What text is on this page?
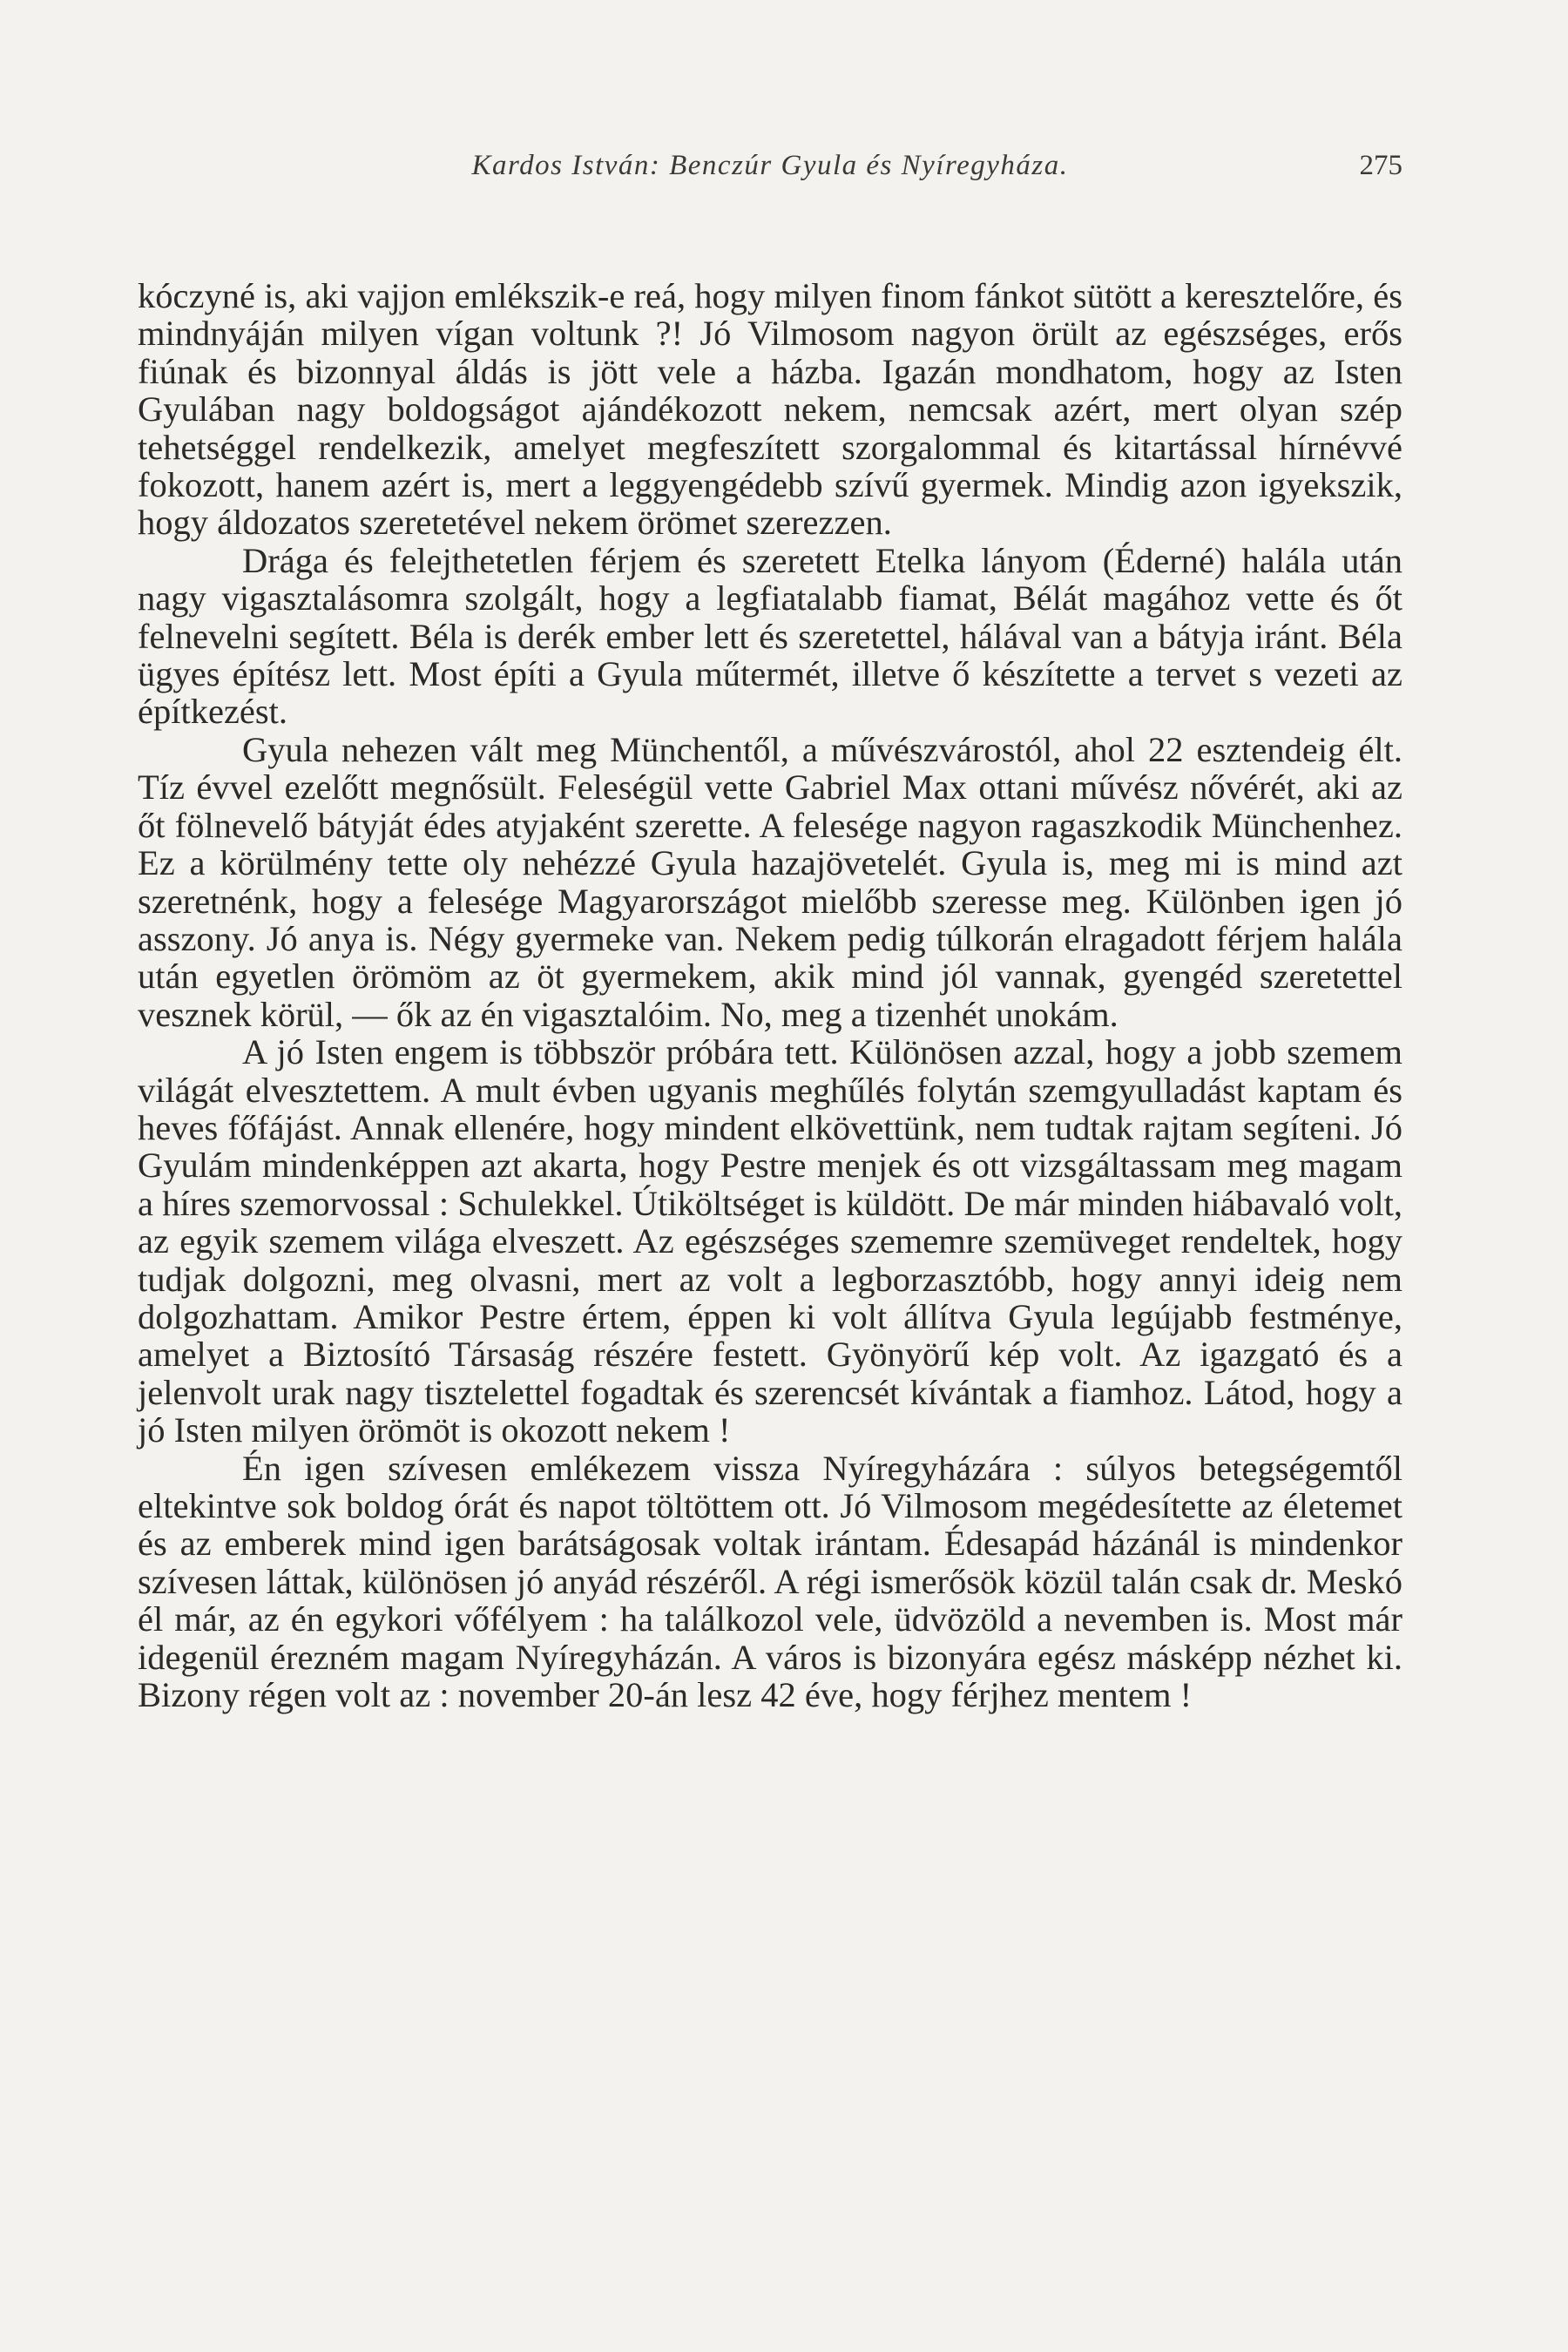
Kardos István: Benczúr Gyula és Nyíregyháza.	275

kóczyné is, aki vajjon emlékszik-e reá, hogy milyen finom fánkot sütött a keresztelőre, és mindnyáján milyen vígan voltunk ?! Jó Vilmosom nagyon örült az egészséges, erős fiúnak és bizonnyal áldás is jött vele a házba. Igazán mondhatom, hogy az Isten Gyulában nagy boldogságot ajándékozott nekem, nemcsak azért, mert olyan szép tehetséggel rendelkezik, amelyet megfeszített szorgalommal és kitartással hírnévvé fokozott, hanem azért is, mert a leggyengédebb szívű gyermek. Mindig azon igyekszik, hogy áldozatos szeretetével nekem örömet szerezzen.

Drága és felejthetetlen férjem és szeretett Etelka lányom (Éderné) halála után nagy vigasztalásomra szolgált, hogy a legfiatalabb fiamat, Bélát magához vette és őt felnevelni segített. Béla is derék ember lett és szeretettel, hálával van a bátyja iránt. Béla ügyes építész lett. Most építi a Gyula műtermét, illetve ő készítette a tervet s vezeti az építkezést.

Gyula nehezen vált meg Münchentől, a művészvárostól, ahol 22 esztendeig élt. Tíz évvel ezelőtt megnősült. Feleségül vette Gabriel Max ottani művész nővérét, aki az őt fölnevelő bátyját édes atyjaként szerette. A felesége nagyon ragaszkodik Münchenhez. Ez a körülmény tette oly nehézzé Gyula hazajövetelét. Gyula is, meg mi is mind azt szeretnénk, hogy a felesége Magyarországot mielőbb szeresse meg. Különben igen jó asszony. Jó anya is. Négy gyermeke van. Nekem pedig túlkorán elragadott férjem halála után egyetlen örömöm az öt gyermekem, akik mind jól vannak, gyengéd szeretettel vesznek körül, — ők az én vigasztalóim. No, meg a tizenhét unokám.

A jó Isten engem is többször próbára tett. Különösen azzal, hogy a jobb szemem világát elvesztettem. A mult évben ugyanis meghűlés folytán szemgyulladást kaptam és heves főfájást. Annak ellenére, hogy mindent elkövettünk, nem tudtak rajtam segíteni. Jó Gyulám mindenképpen azt akarta, hogy Pestre menjek és ott vizsgáltassam meg magam a híres szemorvossal : Schulekkel. Útiköltséget is küldött. De már minden hiábavaló volt, az egyik szemem világa elveszett. Az egészséges szememre szemüveget rendeltek, hogy tudjak dolgozni, meg olvasni, mert az volt a legborzasztóbb, hogy annyi ideig nem dolgozhattam. Amikor Pestre értem, éppen ki volt állítva Gyula legújabb festménye, amelyet a Biztosító Társaság részére festett. Gyönyörű kép volt. Az igazgató és a jelenvolt urak nagy tisztelettel fogadtak és szerencsét kívántak a fiamhoz. Látod, hogy a jó Isten milyen örömöt is okozott nekem !

Én igen szívesen emlékezem vissza Nyíregyházára : súlyos betegségemtől eltekintve sok boldog órát és napot töltöttem ott. Jó Vilmosom megédesítette az életemet és az emberek mind igen barátságosak voltak irántam. Édesapád házánál is mindenkor szívesen láttak, különösen jó anyád részéről. A régi ismerősök közül talán csak dr. Meskó él már, az én egykori vőfélyem : ha találkozol vele, üdvözöld a nevemben is. Most már idegenül érezném magam Nyíregyházán. A város is bizonyára egész másképp nézhet ki. Bizony régen volt az : november 20-án lesz 42 éve, hogy férjhez mentem !
